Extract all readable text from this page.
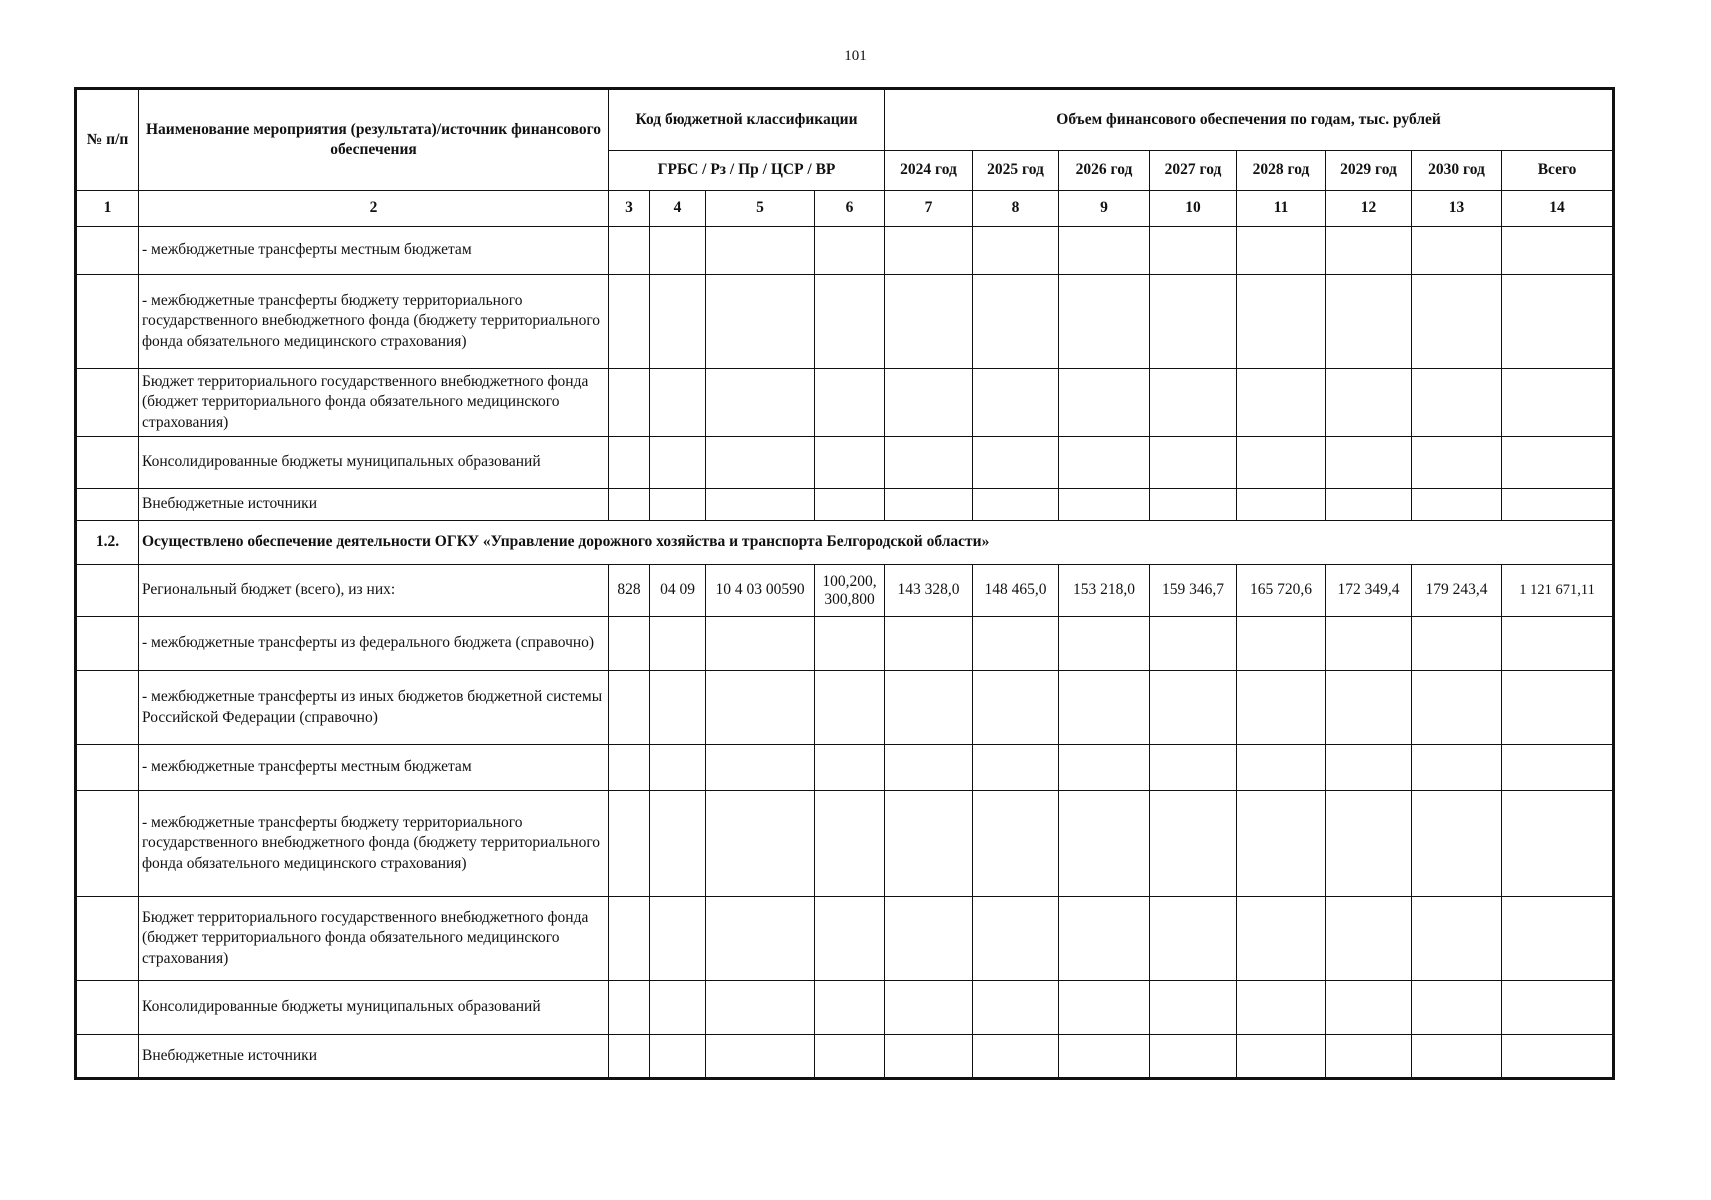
101
№ п/п	Наименование мероприятия (результата)/источник финансового обеспечения	Код бюджетной классификации				Объем финансового обеспечения по годам, тыс. рублей							
		ГРБС / Рз / Пр / ЦСР / ВР				2024 год	2025 год	2026 год	2027 год	2028 год	2029 год	2030 год	Всего
1	2	3	4	5	6	7	8	9	10	11	12	13	14
	- межбюджетные трансферты местным бюджетам												
	- межбюджетные трансферты бюджету территориального государственного внебюджетного фонда (бюджету территориального фонда обязательного медицинского страхования)												
	Бюджет территориального государственного внебюджетного фонда (бюджет территориального фонда обязательного медицинского страхования)												
	Консолидированные бюджеты муниципальных образований												
	Внебюджетные источники												
1.2.	Осуществлено обеспечение деятельности ОГКУ «Управление дорожного хозяйства и транспорта Белгородской области»												
	Региональный бюджет (всего), из них:	828	04 09	10 4 03 00590	100,200, 300,800	143 328,0	148 465,0	153 218,0	159 346,7	165 720,6	172 349,4	179 243,4	1 121 671,11
	- межбюджетные трансферты из федерального бюджета (справочно)												
	- межбюджетные трансферты из иных бюджетов бюджетной системы Российской Федерации (справочно)												
	- межбюджетные трансферты местным бюджетам												
	- межбюджетные трансферты бюджету территориального государственного внебюджетного фонда (бюджету территориального фонда обязательного медицинского страхования)												
	Бюджет территориального государственного внебюджетного фонда (бюджет территориального фонда обязательного медицинского страхования)												
	Консолидированные бюджеты муниципальных образований												
	Внебюджетные источники												
